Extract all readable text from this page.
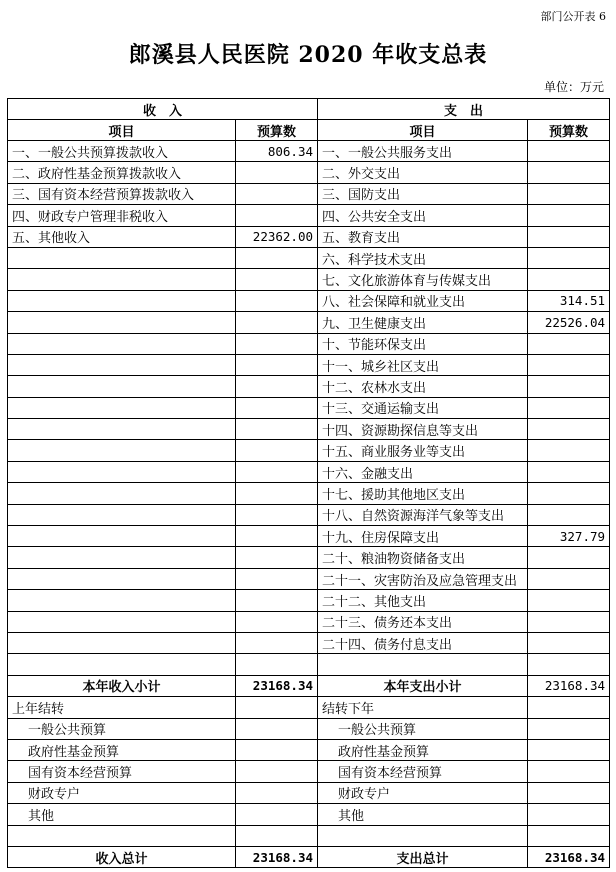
部门公开表 6
郎溪县人民医院 2020 年收支总表
单位：万元
收　入		支　出	
项目	预算数	项目	预算数
一、一般公共预算拨款收入	806.34	一、一般公共服务支出	
二、政府性基金预算拨款收入		二、外交支出	
三、国有资本经营预算拨款收入		三、国防支出	
四、财政专户管理非税收入		四、公共安全支出	
五、其他收入	22362.00	五、教育支出	
		六、科学技术支出	
		七、文化旅游体育与传媒支出	
		八、社会保障和就业支出	314.51
		九、卫生健康支出	22526.04
		十、节能环保支出	
		十一、城乡社区支出	
		十二、农林水支出	
		十三、交通运输支出	
		十四、资源勘探信息等支出	
		十五、商业服务业等支出	
		十六、金融支出	
		十七、援助其他地区支出	
		十八、自然资源海洋气象等支出	
		十九、住房保障支出	327.79
		二十、粮油物资储备支出	
		二十一、灾害防治及应急管理支出	
		二十二、其他支出	
		二十三、债务还本支出	
		二十四、债务付息支出	

本年收入小计	23168.34	本年支出小计	23168.34
上年结转		结转下年	
一般公共预算		一般公共预算	
政府性基金预算		政府性基金预算	
国有资本经营预算		国有资本经营预算	
财政专户		财政专户	
其他		其他	

收入总计	23168.34	支出总计	23168.34
